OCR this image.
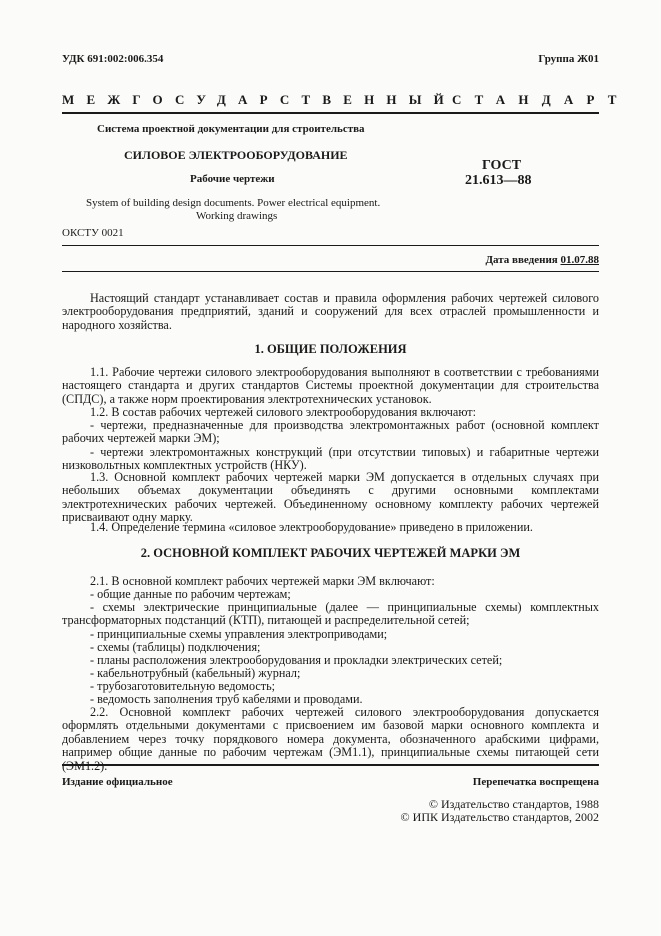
УДК 691:002:006.354	Группа Ж01
МЕЖГОСУДАРСТВЕННЫЙ
СТАНДАРТ
Система проектной документации для строительства
СИЛОВОЕ ЭЛЕКТРООБОРУДОВАНИЕ
Рабочие чертежи
System of building design documents. Power electrical equipment.
Working drawings
ОКСТУ 0021
ГОСТ
21.613—88
Дата введения 01.07.88
Настоящий стандарт устанавливает состав и правила оформления рабочих чертежей силового электрооборудования предприятий, зданий и сооружений для всех отраслей промышленности и народного хозяйства.
1. ОБЩИЕ ПОЛОЖЕНИЯ
1.1. Рабочие чертежи силового электрооборудования выполняют в соответствии с требованиями настоящего стандарта и других стандартов Системы проектной документации для строительства (СПДС), а также норм проектирования электротехнических установок.
1.2. В состав рабочих чертежей силового электрооборудования включают:
- чертежи, предназначенные для производства электромонтажных работ (основной комплект рабочих чертежей марки ЭМ);
- чертежи электромонтажных конструкций (при отсутствии типовых) и габаритные чертежи низковольтных комплектных устройств (НКУ).
1.3. Основной комплект рабочих чертежей марки ЭМ допускается в отдельных случаях при небольших объемах документации объединять с другими основными комплектами электротехнических рабочих чертежей. Объединенному основному комплекту рабочих чертежей присваивают одну марку.
1.4. Определение термина «силовое электрооборудование» приведено в приложении.
2. ОСНОВНОЙ КОМПЛЕКТ РАБОЧИХ ЧЕРТЕЖЕЙ МАРКИ ЭМ
2.1. В основной комплект рабочих чертежей марки ЭМ включают:
- общие данные по рабочим чертежам;
- схемы электрические принципиальные (далее — принципиальные схемы) комплектных трансформаторных подстанций (КТП), питающей и распределительной сетей;
- принципиальные схемы управления электроприводами;
- схемы (таблицы) подключения;
- планы расположения электрооборудования и прокладки электрических сетей;
- кабельнотрубный (кабельный) журнал;
- трубозаготовительную ведомость;
- ведомость заполнения труб кабелями и проводами.
2.2. Основной комплект рабочих чертежей силового электрооборудования допускается оформлять отдельными документами с присвоением им базовой марки основного комплекта и добавлением через точку порядкового номера документа, обозначенного арабскими цифрами, например общие данные по рабочим чертежам (ЭМ1.1), принципиальные схемы питающей сети
Издание официальное	Перепечатка воспрещена
© Издательство стандартов, 1988
© ИПК Издательство стандартов, 2002
